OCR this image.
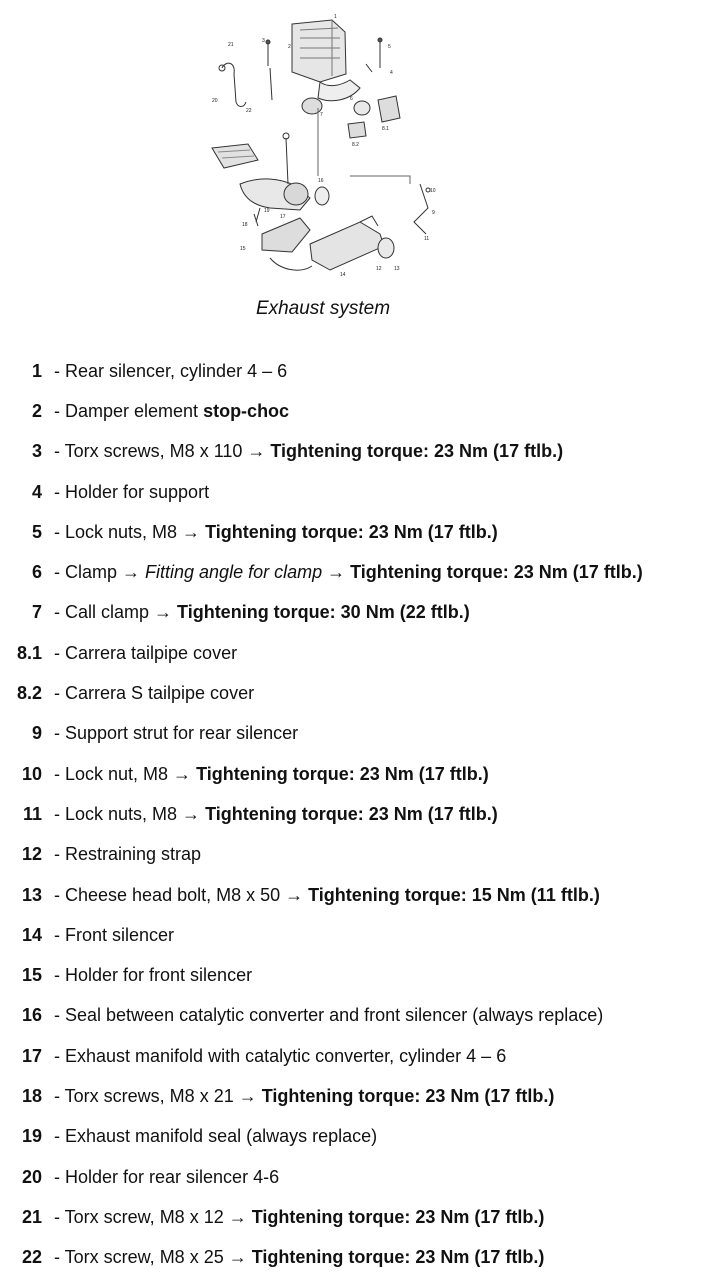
1
2
3
4
5
6
7
8.1
8.2
9
10
11
12 13
14
15
16
17
18
19
20
21
22
Exhaust system
1 - Rear silencer, cylinder 4 – 6
2 - Damper element stop-choc
3 - Torx screws, M8 x 110 → Tightening torque: 23 Nm (17 ftlb.)
4 - Holder for support
5 - Lock nuts, M8 → Tightening torque: 23 Nm (17 ftlb.)
6 - Clamp → Fitting angle for clamp → Tightening torque: 23 Nm (17 ftlb.)
7 - Call clamp → Tightening torque: 30 Nm (22 ftlb.)
8.1 - Carrera tailpipe cover
8.2 - Carrera S tailpipe cover
9 - Support strut for rear silencer
10 - Lock nut, M8 → Tightening torque: 23 Nm (17 ftlb.)
11 - Lock nuts, M8 → Tightening torque: 23 Nm (17 ftlb.)
12 - Restraining strap
13 - Cheese head bolt, M8 x 50 → Tightening torque: 15 Nm (11 ftlb.)
14 - Front silencer
15 - Holder for front silencer
16 - Seal between catalytic converter and front silencer (always replace)
17 - Exhaust manifold with catalytic converter, cylinder 4 – 6
18 - Torx screws, M8 x 21 → Tightening torque: 23 Nm (17 ftlb.)
19 - Exhaust manifold seal (always replace)
20 - Holder for rear silencer 4-6
21 - Torx screw, M8 x 12 → Tightening torque: 23 Nm (17 ftlb.)
22 - Torx screw, M8 x 25 → Tightening torque: 23 Nm (17 ftlb.)
